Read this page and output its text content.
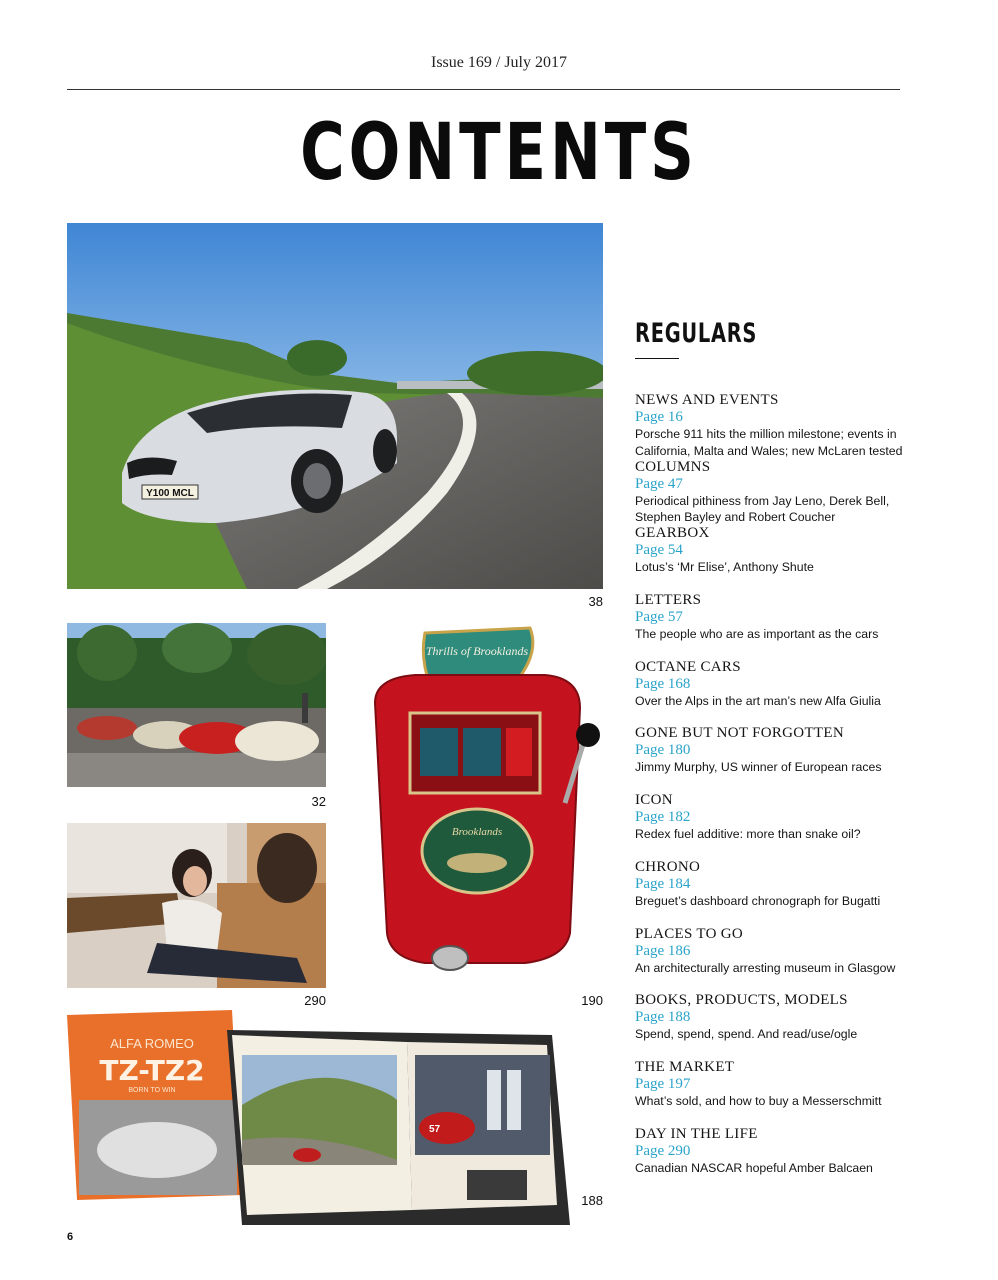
Issue 169 / July 2017
CONTENTS
Y100 MCL
38
32
290
Thrills of Brooklands
Brooklands
190
ALFA ROMEO
TZ-TZ2
BORN TO WIN
57
188
REGULARS
NEWS AND EVENTS
Page 16
Porsche 911 hits the million milestone; events in California, Malta and Wales; new McLaren tested
COLUMNS
Page 47
Periodical pithiness from Jay Leno, Derek Bell, Stephen Bayley and Robert Coucher
GEARBOX
Page 54
Lotus’s ‘Mr Elise’, Anthony Shute
LETTERS
Page 57
The people who are as important as the cars
OCTANE CARS
Page 168
Over the Alps in the art man’s new Alfa Giulia
GONE BUT NOT FORGOTTEN
Page 180
Jimmy Murphy, US winner of European races
ICON
Page 182
Redex fuel additive: more than snake oil?
CHRONO
Page 184
Breguet’s dashboard chronograph for Bugatti
PLACES TO GO
Page 186
An architecturally arresting museum in Glasgow
BOOKS, PRODUCTS, MODELS
Page 188
Spend, spend, spend. And read/use/ogle
THE MARKET
Page 197
What’s sold, and how to buy a Messerschmitt
DAY IN THE LIFE
Page 290
Canadian NASCAR hopeful Amber Balcaen
6
